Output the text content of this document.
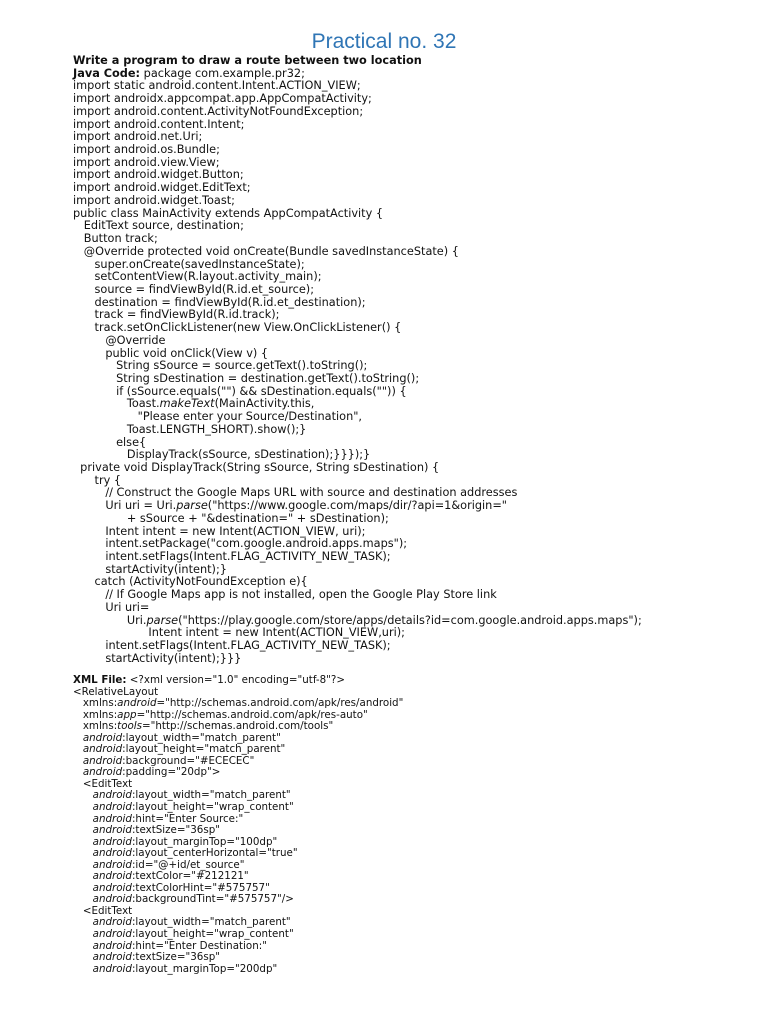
Practical no. 32
Write a program to draw a route between two location
Java Code: package com.example.pr32;
import static android.content.Intent.ACTION_VIEW;
import androidx.appcompat.app.AppCompatActivity;
import android.content.ActivityNotFoundException;
import android.content.Intent;
import android.net.Uri;
import android.os.Bundle;
import android.view.View;
import android.widget.Button;
import android.widget.EditText;
import android.widget.Toast;
public class MainActivity extends AppCompatActivity {
EditText source, destination;
Button track;
@Override protected void onCreate(Bundle savedInstanceState) {
super.onCreate(savedInstanceState);
setContentView(R.layout.activity_main);
source = findViewById(R.id.et_source);
destination = findViewById(R.id.et_destination);
track = findViewById(R.id.track);
track.setOnClickListener(new View.OnClickListener() {
@Override
public void onClick(View v) {
String sSource = source.getText().toString();
String sDestination = destination.getText().toString();
if (sSource.equals("") && sDestination.equals("")) {
Toast.makeText(MainActivity.this,
"Please enter your Source/Destination",
Toast.LENGTH_SHORT).show();}
else{
DisplayTrack(sSource, sDestination);}}});}
private void DisplayTrack(String sSource, String sDestination) {
try {
// Construct the Google Maps URL with source and destination addresses
Uri uri = Uri.parse("https://www.google.com/maps/dir/?api=1&origin="
+ sSource + "&destination=" + sDestination);
Intent intent = new Intent(ACTION_VIEW, uri);
intent.setPackage("com.google.android.apps.maps");
intent.setFlags(Intent.FLAG_ACTIVITY_NEW_TASK);
startActivity(intent);}
catch (ActivityNotFoundException e){
// If Google Maps app is not installed, open the Google Play Store link
Uri uri=
Uri.parse("https://play.google.com/store/apps/details?id=com.google.android.apps.maps");
Intent intent = new Intent(ACTION_VIEW,uri);
intent.setFlags(Intent.FLAG_ACTIVITY_NEW_TASK);
startActivity(intent);}}}
XML File: <?xml version="1.0" encoding="utf-8"?>
<RelativeLayout
xmlns:android="http://schemas.android.com/apk/res/android"
xmlns:app="http://schemas.android.com/apk/res-auto"
xmlns:tools="http://schemas.android.com/tools"
android:layout_width="match_parent"
android:layout_height="match_parent"
android:background="#ECECEC"
android:padding="20dp">
<EditText
android:layout_width="match_parent"
android:layout_height="wrap_content"
android:hint="Enter Source:"
android:textSize="36sp"
android:layout_marginTop="100dp"
android:layout_centerHorizontal="true"
android:id="@+id/et_source"
android:textColor="#212121"
android:textColorHint="#575757"
android:backgroundTint="#575757"/>
<EditText
android:layout_width="match_parent"
android:layout_height="wrap_content"
android:hint="Enter Destination:"
android:textSize="36sp"
android:layout_marginTop="200dp"
